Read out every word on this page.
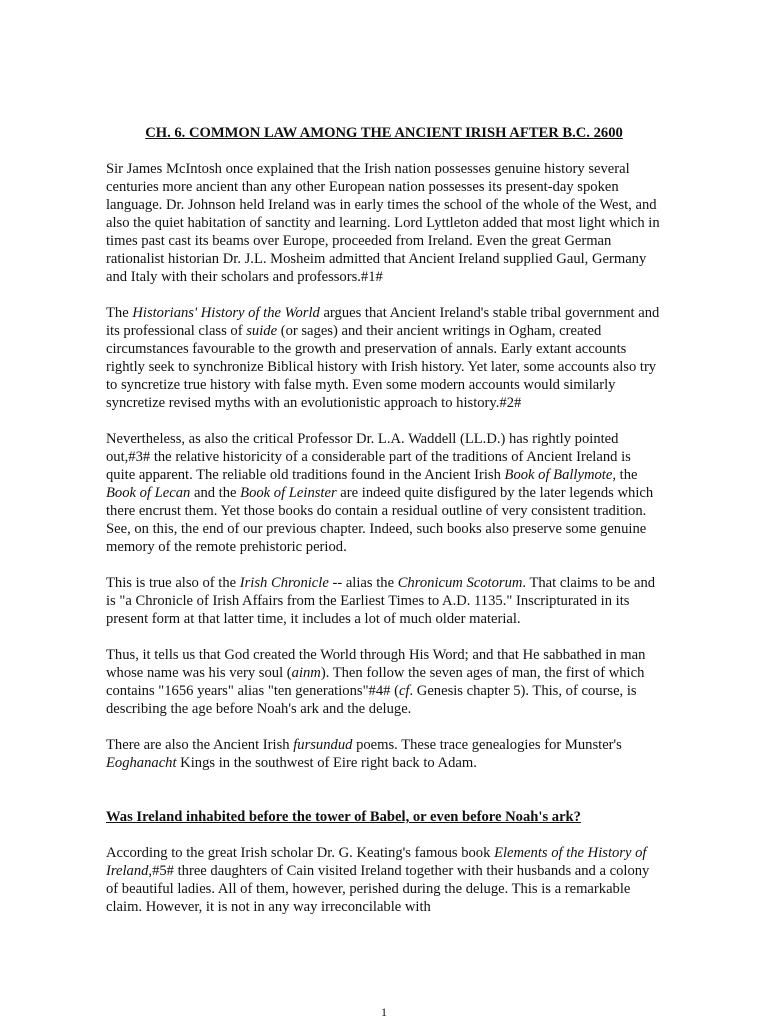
CH. 6. COMMON LAW AMONG THE ANCIENT IRISH AFTER B.C. 2600

Sir James McIntosh once explained that the Irish nation possesses genuine history several centuries more ancient than any other European nation possesses its present-day spoken language. Dr. Johnson held Ireland was in early times the school of the whole of the West, and also the quiet habitation of sanctity and learning. Lord Lyttleton added that most light which in times past cast its beams over Europe, proceeded from Ireland. Even the great German rationalist historian Dr. J.L. Mosheim admitted that Ancient Ireland supplied Gaul, Germany and Italy with their scholars and professors.#1#

The Historians' History of the World argues that Ancient Ireland's stable tribal government and its professional class of suide (or sages) and their ancient writings in Ogham, created circumstances favourable to the growth and preservation of annals. Early extant accounts rightly seek to synchronize Biblical history with Irish history. Yet later, some accounts also try to syncretize true history with false myth. Even some modern accounts would similarly syncretize revised myths with an evolutionistic approach to history.#2#

Nevertheless, as also the critical Professor Dr. L.A. Waddell (LL.D.) has rightly pointed out,#3# the relative historicity of a considerable part of the traditions of Ancient Ireland is quite apparent. The reliable old traditions found in the Ancient Irish Book of Ballymote, the Book of Lecan and the Book of Leinster are indeed quite disfigured by the later legends which there encrust them. Yet those books do contain a residual outline of very consistent tradition. See, on this, the end of our previous chapter. Indeed, such books also preserve some genuine memory of the remote prehistoric period.

This is true also of the Irish Chronicle -- alias the Chronicum Scotorum. That claims to be and is "a Chronicle of Irish Affairs from the Earliest Times to A.D. 1135." Inscripturated in its present form at that latter time, it includes a lot of much older material.

Thus, it tells us that God created the World through His Word; and that He sabbathed in man whose name was his very soul (ainm). Then follow the seven ages of man, the first of which contains "1656 years" alias "ten generations"#4# (cf. Genesis chapter 5). This, of course, is describing the age before Noah's ark and the deluge.

There are also the Ancient Irish fursundud poems. These trace genealogies for Munster's Eoghanacht Kings in the southwest of Eire right back to Adam.

Was Ireland inhabited before the tower of Babel, or even before Noah's ark?

According to the great Irish scholar Dr. G. Keating's famous book Elements of the History of Ireland,#5# three daughters of Cain visited Ireland together with their husbands and a colony of beautiful ladies. All of them, however, perished during the deluge. This is a remarkable claim. However, it is not in any way irreconcilable with

1
